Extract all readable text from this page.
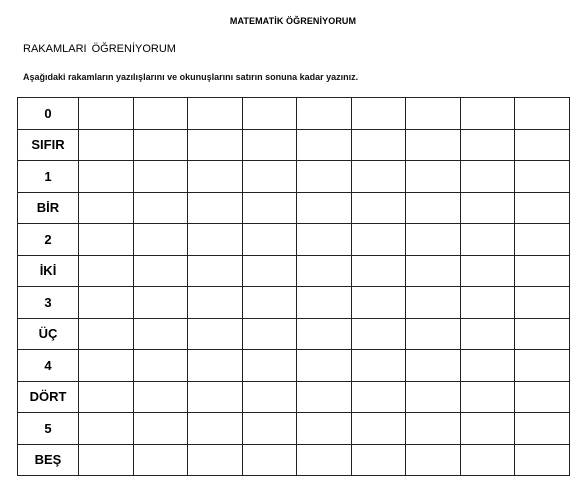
MATEMATİK ÖĞRENİYORUM
RAKAMLARI ÖĞRENİYORUM
Aşağıdaki rakamların yazılışlarını ve okunuşlarını satırın sonuna kadar yazınız.
0									
SIFIR									
1									
BİR									
2									
İKİ									
3									
ÜÇ									
4									
DÖRT									
5									
BEŞ									
